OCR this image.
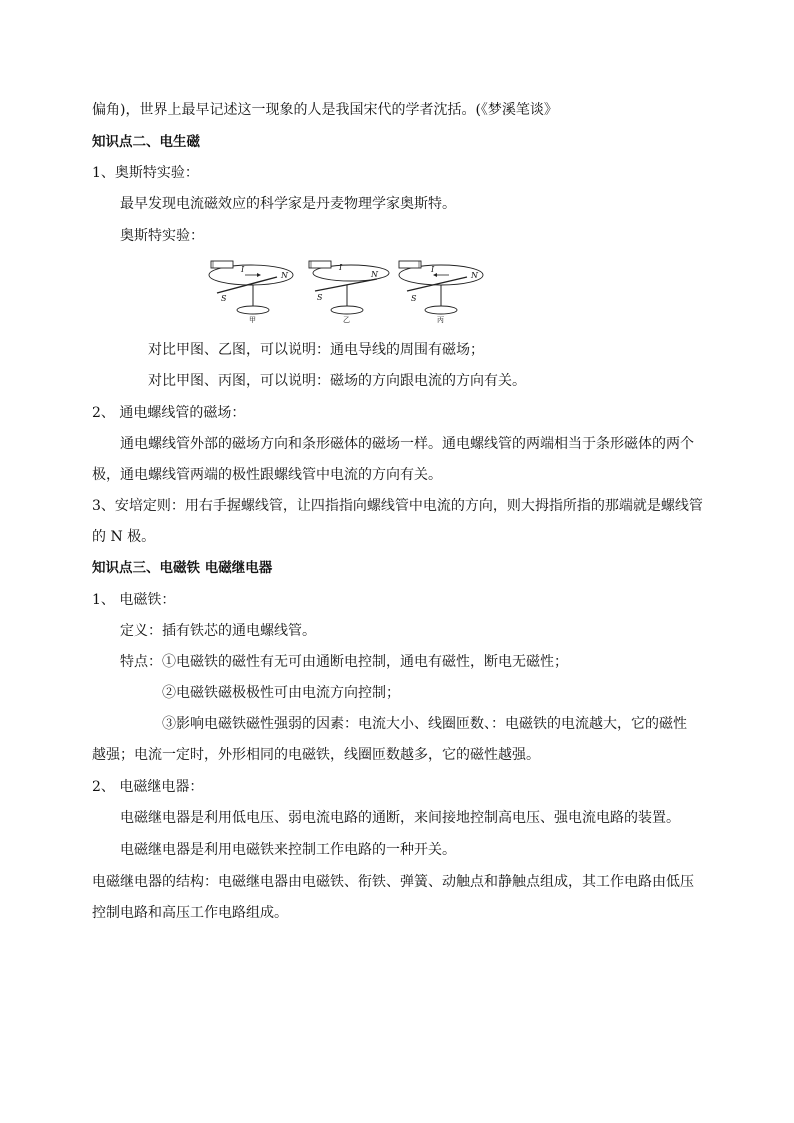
偏角)，世界上最早记述这一现象的人是我国宋代的学者沈括。(《梦溪笔谈》
知识点二、电生磁
1、奥斯特实验：
最早发现电流磁效应的科学家是丹麦物理学家奥斯特。
奥斯特实验：
I
N
S
甲
I
N
S
乙
I
N
S
丙
对比甲图、乙图，可以说明：通电导线的周围有磁场；
对比甲图、丙图，可以说明：磁场的方向跟电流的方向有关。
2、 通电螺线管的磁场：
通电螺线管外部的磁场方向和条形磁体的磁场一样。通电螺线管的两端相当于条形磁体的两个
极，通电螺线管两端的极性跟螺线管中电流的方向有关。
3、安培定则：用右手握螺线管，让四指指向螺线管中电流的方向，则大拇指所指的那端就是螺线管
的 N 极。
知识点三、电磁铁 电磁继电器
1、 电磁铁：
定义：插有铁芯的通电螺线管。
特点：①电磁铁的磁性有无可由通断电控制，通电有磁性，断电无磁性；
②电磁铁磁极极性可由电流方向控制；
③影响电磁铁磁性强弱的因素：电流大小、线圈匝数、：电磁铁的电流越大，它的磁性
越强；电流一定时，外形相同的电磁铁，线圈匝数越多，它的磁性越强。
2、 电磁继电器：
电磁继电器是利用低电压、弱电流电路的通断，来间接地控制高电压、强电流电路的装置。
电磁继电器是利用电磁铁来控制工作电路的一种开关。
电磁继电器的结构：电磁继电器由电磁铁、衔铁、弹簧、动触点和静触点组成，其工作电路由低压
控制电路和高压工作电路组成。
